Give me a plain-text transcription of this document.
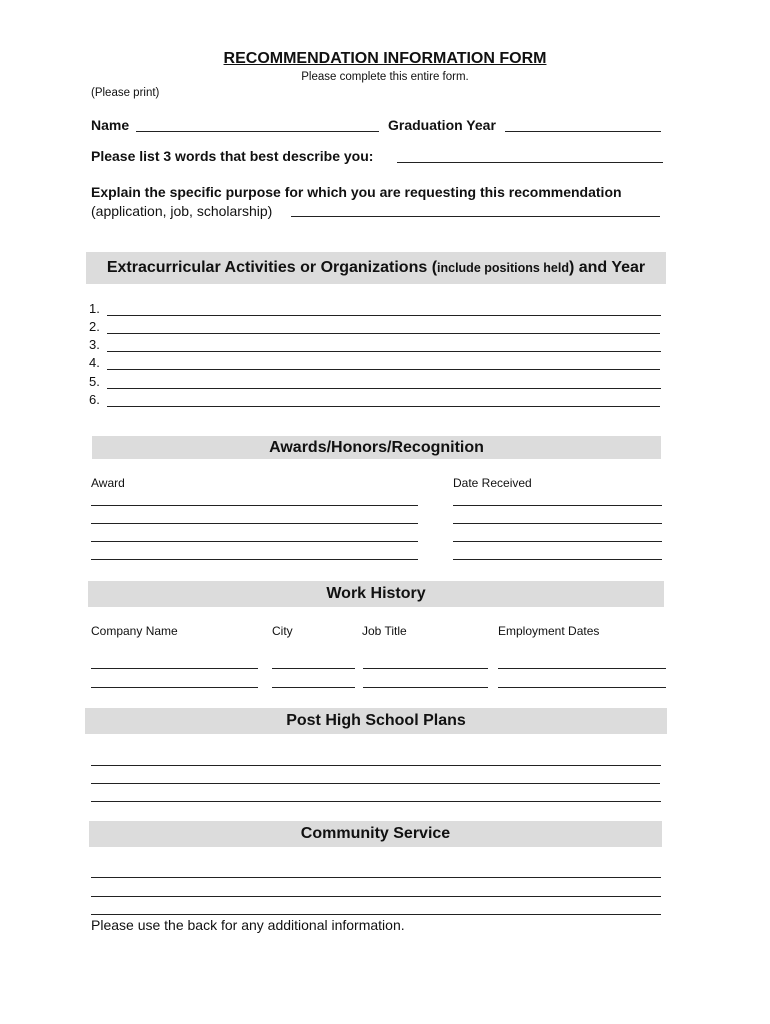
RECOMMENDATION INFORMATION FORM
Please complete this entire form.
(Please print)
Name	Graduation Year
Please list 3 words that best describe you:
Explain the specific purpose for which you are requesting this recommendation
(application, job, scholarship)
Extracurricular Activities or Organizations ( include positions held ) and Year
1.
2.
3.
4.
5.
6.
Awards/Honors/Recognition
Award	Date Received
Work History
Company Name	City	Job Title	Employment Dates
Post High School Plans
Community Service
Please use the back for any additional information.
